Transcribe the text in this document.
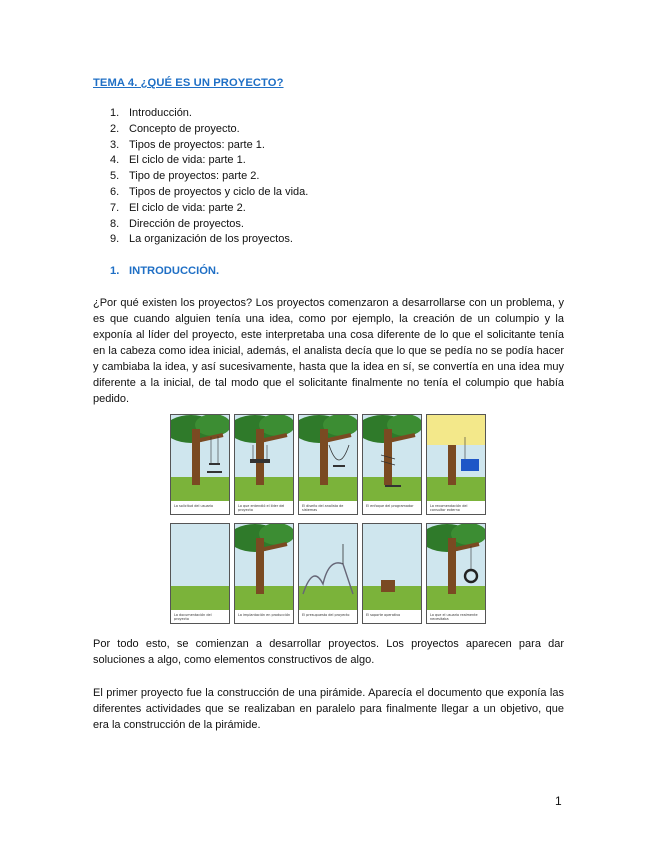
TEMA 4. ¿QUÉ ES UN PROYECTO?
1. Introducción.
2. Concepto de proyecto.
3. Tipos de proyectos: parte 1.
4. El ciclo de vida: parte 1.
5. Tipo de proyectos: parte 2.
6. Tipos de proyectos y ciclo de la vida.
7. El ciclo de vida: parte 2.
8. Dirección de proyectos.
9. La organización de los proyectos.
1. INTRODUCCIÓN.

¿Por qué existen los proyectos? Los proyectos comenzaron a desarrollarse con un problema, y es que cuando alguien tenía una idea, como por ejemplo, la creación de un columpio y la exponía al líder del proyecto, este interpretaba una cosa diferente de lo que el solicitante tenía en la cabeza como idea inicial, además, el analista decía que lo que se pedía no se podía hacer y cambiaba la idea, y así sucesivamente, hasta que la idea en sí, se convertía en una idea muy diferente a la inicial, de tal modo que el solicitante finalmente no tenía el columpio que había pedido.

La solicitud del usuario	Lo que entendió el líder del proyecto
El diseño del analista de sistemas
El enfoque del programador	La recomendación del consultor externo
La documentación del proyecto
La implantación en producción	El presupuesto del proyecto	El soporte operativo	Lo que el usuario realmente necesitaba

Por todo esto, se comienzan a desarrollar proyectos. Los proyectos aparecen para dar soluciones a algo, como elementos constructivos de algo.

El primer proyecto fue la construcción de una pirámide. Aparecía el documento que exponía las diferentes actividades que se realizaban en paralelo para finalmente llegar a un objetivo, que era la construcción de la pirámide.

1
